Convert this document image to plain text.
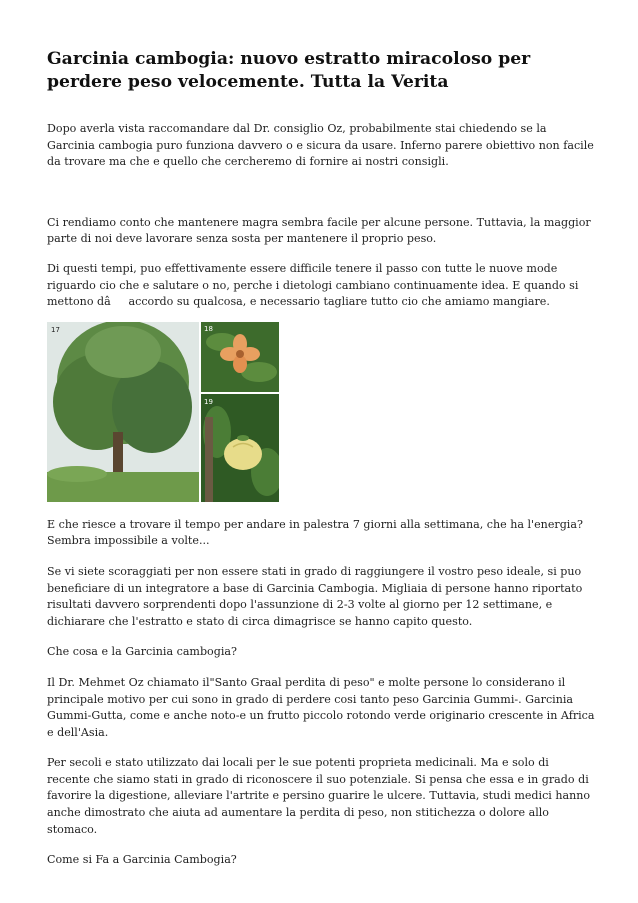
Garcinia cambogia: nuovo estratto miracoloso per perdere peso velocemente. Tutta la Verita

Dopo averla vista raccomandare dal Dr. consiglio Oz, probabilmente stai chiedendo se la Garcinia cambogia puro funziona davvero o e sicura da usare. Inferno parere obiettivo non facile da trovare ma che e quello che cercheremo di fornire ai nostri consigli.

Ci rendiamo conto che mantenere magra sembra facile per alcune persone. Tuttavia, la maggior parte di noi deve lavorare senza sosta per mantenere il proprio peso.

Di questi tempi, puo effettivamente essere difficile tenere il passo con tutte le nuove mode riguardo cio che e salutare o no, perche i dietologi cambiano continuamente idea. E quando si mettono dâaccordo su qualcosa, e necessario tagliare tutto cio che amiamo mangiare.

17	18
19

E che riesce a trovare il tempo per andare in palestra 7 giorni alla settimana, che ha l'energia? Sembra impossibile a volte...

Se vi siete scoraggiati per non essere stati in grado di raggiungere il vostro peso ideale, si puo beneficiare di un integratore a base di Garcinia Cambogia. Migliaia di persone hanno riportato risultati davvero sorprendenti dopo l'assunzione di 2-3 volte al giorno per 12 settimane, e dichiarare che l'estratto e stato di circa dimagrisce se hanno capito questo.

Che cosa e la Garcinia cambogia?

Il Dr. Mehmet Oz chiamato il"Santo Graal perdita di peso" e molte persone lo considerano il principale motivo per cui sono in grado di perdere cosi tanto peso Garcinia Gummi-. Garcinia Gummi-Gutta, come e anche noto-e un frutto piccolo rotondo verde originario crescente in Africa e dell'Asia.

Per secoli e stato utilizzato dai locali per le sue potenti proprieta medicinali. Ma e solo di recente che siamo stati in grado di riconoscere il suo potenziale. Si pensa che essa e in grado di favorire la digestione, alleviare l'artrite e persino guarire le ulcere. Tuttavia, studi medici hanno anche dimostrato che aiuta ad aumentare la perdita di peso, non stitichezza o dolore allo stomaco.

Come si Fa a Garcinia Cambogia?
